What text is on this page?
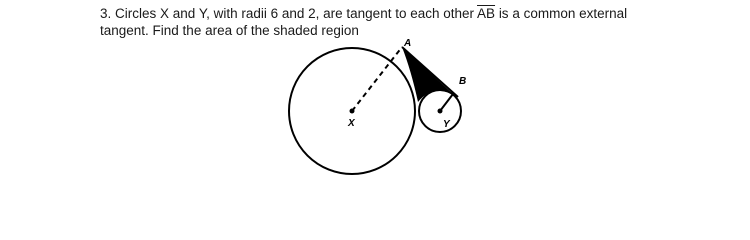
3. Circles X and Y, with radii 6 and 2, are tangent to each other $\overline{AB}$ is a common external
tangent. Find the area of the shaded region
A
B
X	Y
